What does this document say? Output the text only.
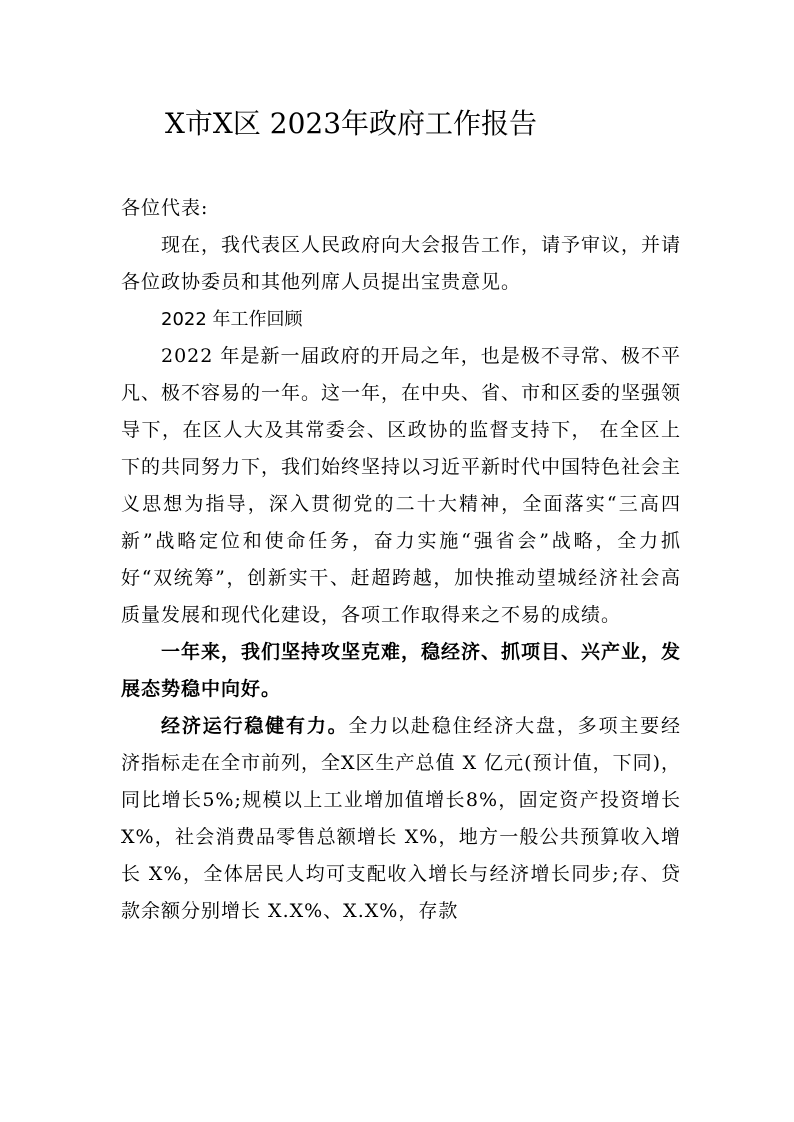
X市X区 2023年政府工作报告

各位代表:

现在，我代表区人民政府向大会报告工作，请予审议，并请各位政协委员和其他列席人员提出宝贵意见。

2022 年工作回顾

2022 年是新一届政府的开局之年，也是极不寻常、极不平凡、极不容易的一年。这一年，在中央、省、市和区委的坚强领导下，在区人大及其常委会、区政协的监督支持下， 在全区上下的共同努力下，我们始终坚持以习近平新时代中国特色社会主义思想为指导，深入贯彻党的二十大精神，全面落实“三高四新”战略定位和使命任务，奋力实施“强省会”战略，全力抓好“双统筹”，创新实干、赶超跨越，加快推动望城经济社会高质量发展和现代化建设，各项工作取得来之不易的成绩。

一年来，我们坚持攻坚克难，稳经济、抓项目、兴产业，发展态势稳中向好。

经济运行稳健有力。全力以赴稳住经济大盘，多项主要经济指标走在全市前列，全X区生产总值 X 亿元(预计值，下同)，同比增长5%;规模以上工业增加值增长8%，固定资产投资增长 X%，社会消费品零售总额增长 X%，地方一般公共预算收入增长 X%，全体居民人均可支配收入增长与经济增长同步;存、贷款余额分别增长 X.X%、X.X%，存款
